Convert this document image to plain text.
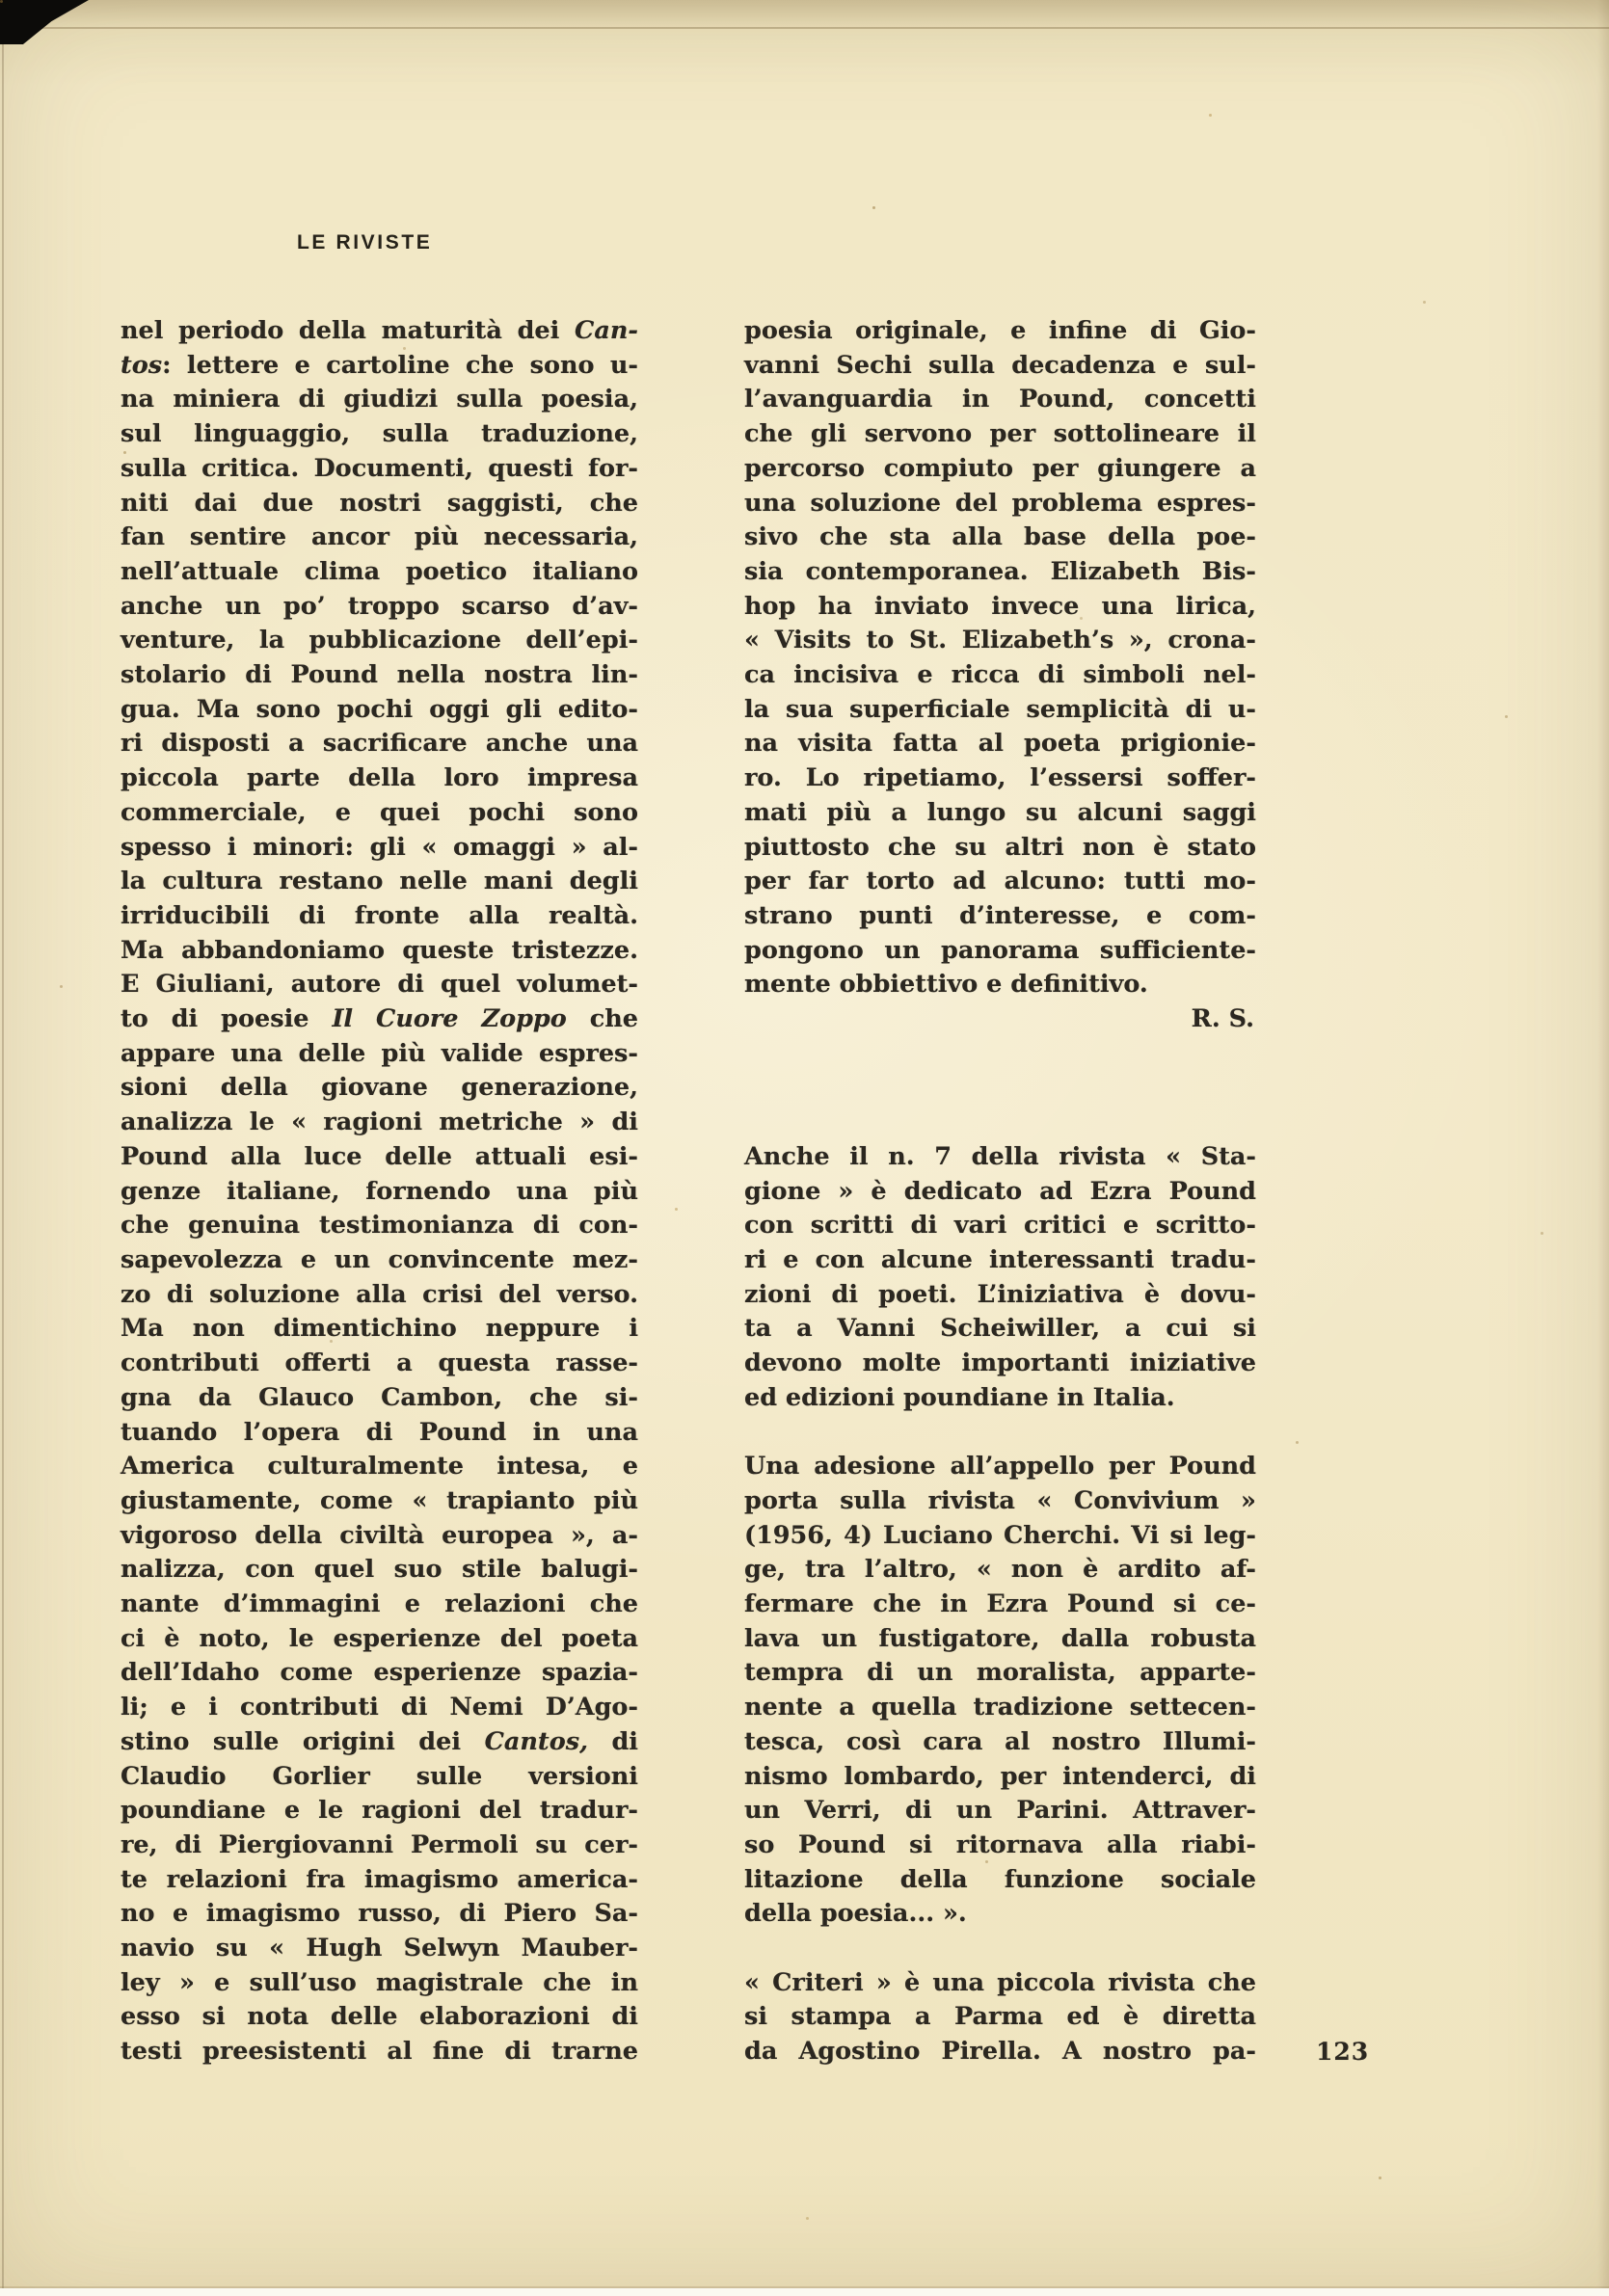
LE RIVISTE
nel periodo della maturità dei Can-
tos: lettere e cartoline che sono u-
na miniera di giudizi sulla poesia,
sul linguaggio, sulla traduzione,
sulla critica. Documenti, questi for-
niti dai due nostri saggisti, che
fan sentire ancor più necessaria,
nell’attuale clima poetico italiano
anche un po’ troppo scarso d’av-
venture, la pubblicazione dell’epi-
stolario di Pound nella nostra lin-
gua. Ma sono pochi oggi gli edito-
ri disposti a sacrificare anche una
piccola parte della loro impresa
commerciale, e quei pochi sono
spesso i minori: gli « omaggi » al-
la cultura restano nelle mani degli
irriducibili di fronte alla realtà.
Ma abbandoniamo queste tristezze.
E Giuliani, autore di quel volumet-
to di poesie Il Cuore Zoppo che
appare una delle più valide espres-
sioni della giovane generazione,
analizza le « ragioni metriche » di
Pound alla luce delle attuali esi-
genze italiane, fornendo una più
che genuina testimonianza di con-
sapevolezza e un convincente mez-
zo di soluzione alla crisi del verso.
Ma non dimentichino neppure i
contributi offerti a questa rasse-
gna da Glauco Cambon, che si-
tuando l’opera di Pound in una
America culturalmente intesa, e
giustamente, come « trapianto più
vigoroso della civiltà europea », a-
nalizza, con quel suo stile balugi-
nante d’immagini e relazioni che
ci è noto, le esperienze del poeta
dell’Idaho come esperienze spazia-
li; e i contributi di Nemi D’Ago-
stino sulle origini dei Cantos, di
Claudio Gorlier sulle versioni
poundiane e le ragioni del tradur-
re, di Piergiovanni Permoli su cer-
te relazioni fra imagismo america-
no e imagismo russo, di Piero Sa-
navio su « Hugh Selwyn Mauber-
ley » e sull’uso magistrale che in
esso si nota delle elaborazioni di
testi preesistenti al fine di trarne
poesia originale, e infine di Gio-
vanni Sechi sulla decadenza e sul-
l’avanguardia in Pound, concetti
che gli servono per sottolineare il
percorso compiuto per giungere a
una soluzione del problema espres-
sivo che sta alla base della poe-
sia contemporanea. Elizabeth Bis-
hop ha inviato invece una lirica,
« Visits to St. Elizabeth’s », crona-
ca incisiva e ricca di simboli nel-
la sua superficiale semplicità di u-
na visita fatta al poeta prigionie-
ro. Lo ripetiamo, l’essersi soffer-
mati più a lungo su alcuni saggi
piuttosto che su altri non è stato
per far torto ad alcuno: tutti mo-
strano punti d’interesse, e com-
pongono un panorama sufficiente-
mente obbiettivo e definitivo.
R. S.

Anche il n. 7 della rivista « Sta-
gione » è dedicato ad Ezra Pound
con scritti di vari critici e scritto-
ri e con alcune interessanti tradu-
zioni di poeti. L’iniziativa è dovu-
ta a Vanni Scheiwiller, a cui si
devono molte importanti iniziative
ed edizioni poundiane in Italia.

Una adesione all’appello per Pound
porta sulla rivista « Convivium »
(1956, 4) Luciano Cherchi. Vi si leg-
ge, tra l’altro, « non è ardito af-
fermare che in Ezra Pound si ce-
lava un fustigatore, dalla robusta
tempra di un moralista, apparte-
nente a quella tradizione settecen-
tesca, così cara al nostro Illumi-
nismo lombardo, per intenderci, di
un Verri, di un Parini. Attraver-
so Pound si ritornava alla riabi-
litazione della funzione sociale
della poesia... ».

« Criteri » è una piccola rivista che
si stampa a Parma ed è diretta
da Agostino Pirella. A nostro pa- 123
